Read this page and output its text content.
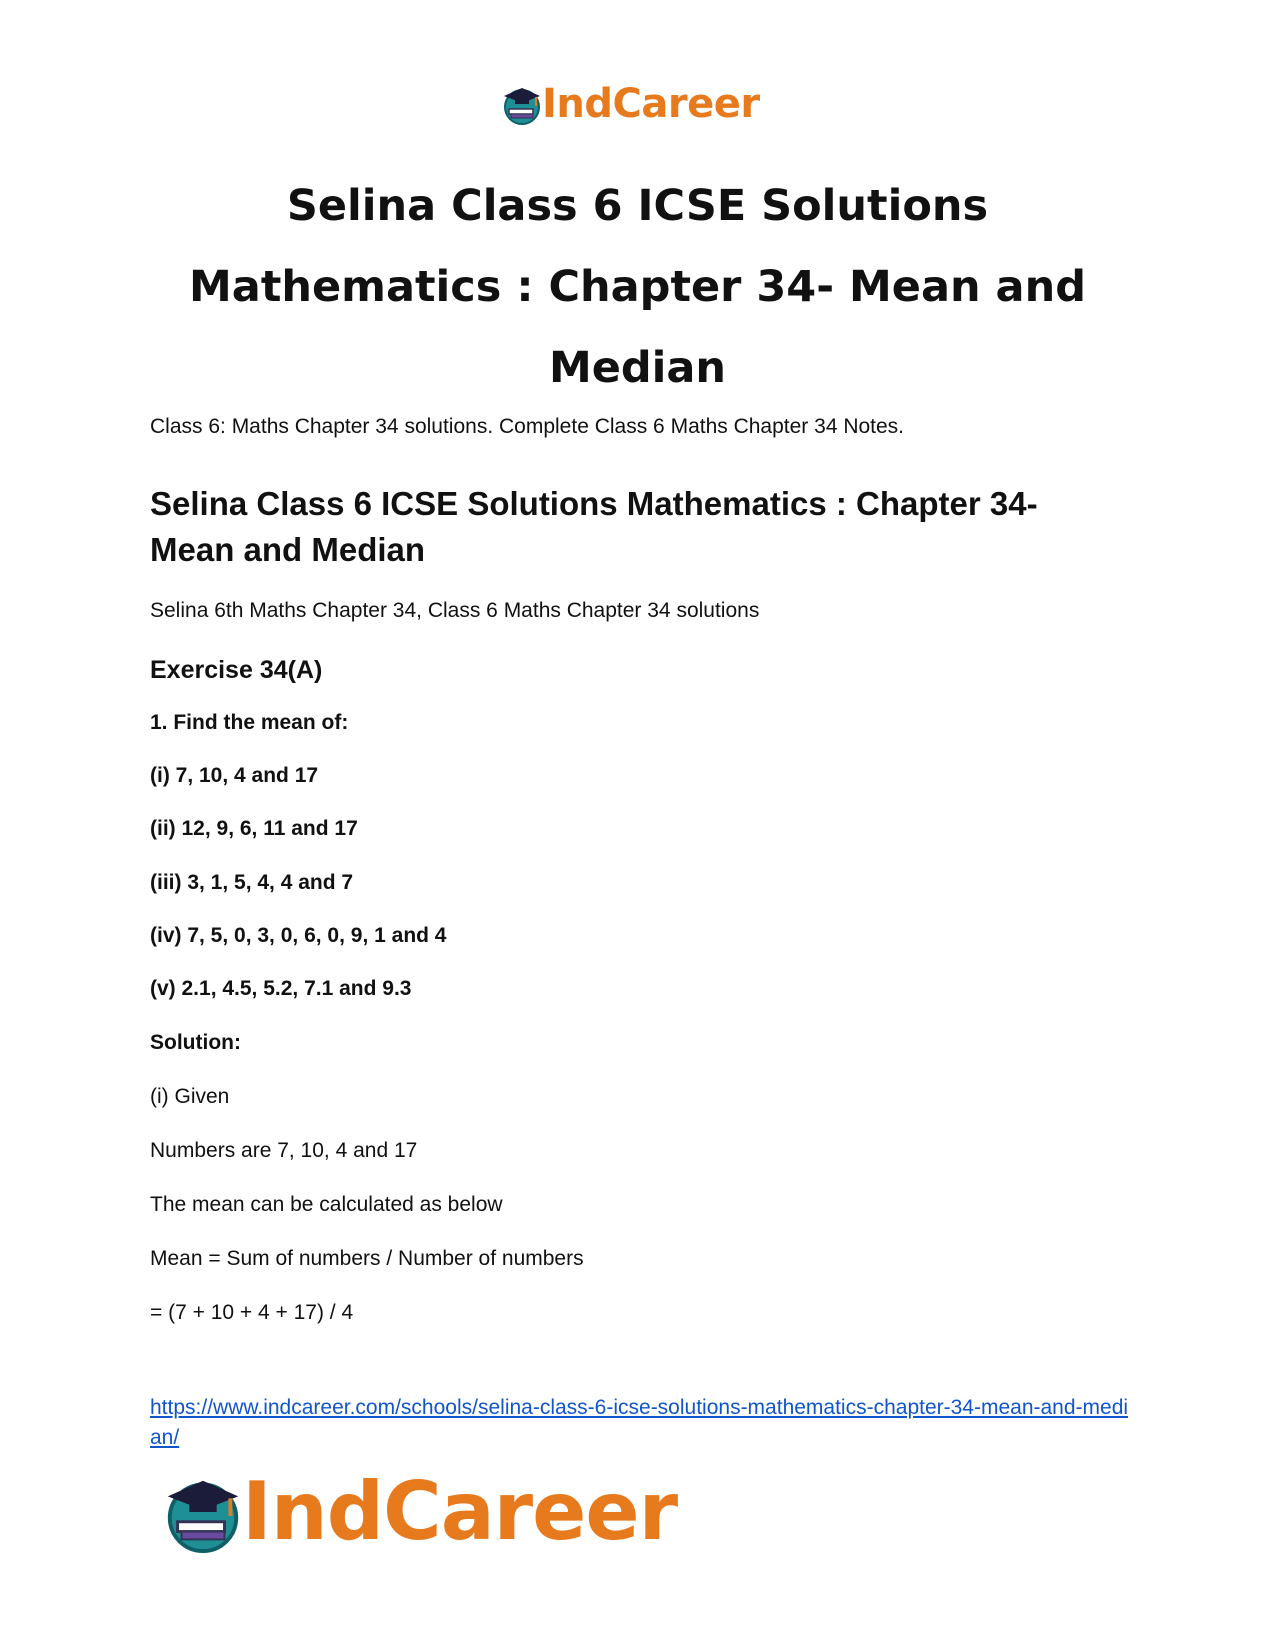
IndCareer
Selina Class 6 ICSE Solutions Mathematics : Chapter 34- Mean and Median

Class 6: Maths Chapter 34 solutions. Complete Class 6 Maths Chapter 34 Notes.

Selina Class 6 ICSE Solutions Mathematics : Chapter 34- Mean and Median

Selina 6th Maths Chapter 34, Class 6 Maths Chapter 34 solutions

Exercise 34(A)

1. Find the mean of:

(i) 7, 10, 4 and 17

(ii) 12, 9, 6, 11 and 17

(iii) 3, 1, 5, 4, 4 and 7

(iv) 7, 5, 0, 3, 0, 6, 0, 9, 1 and 4

(v) 2.1, 4.5, 5.2, 7.1 and 9.3

Solution:

(i) Given

Numbers are 7, 10, 4 and 17

The mean can be calculated as below

Mean = Sum of numbers / Number of numbers

= (7 + 10 + 4 + 17) / 4

https://www.indcareer.com/schools/selina-class-6-icse-solutions-mathematics-chapter-34-mean-and-median/
IndCareer
